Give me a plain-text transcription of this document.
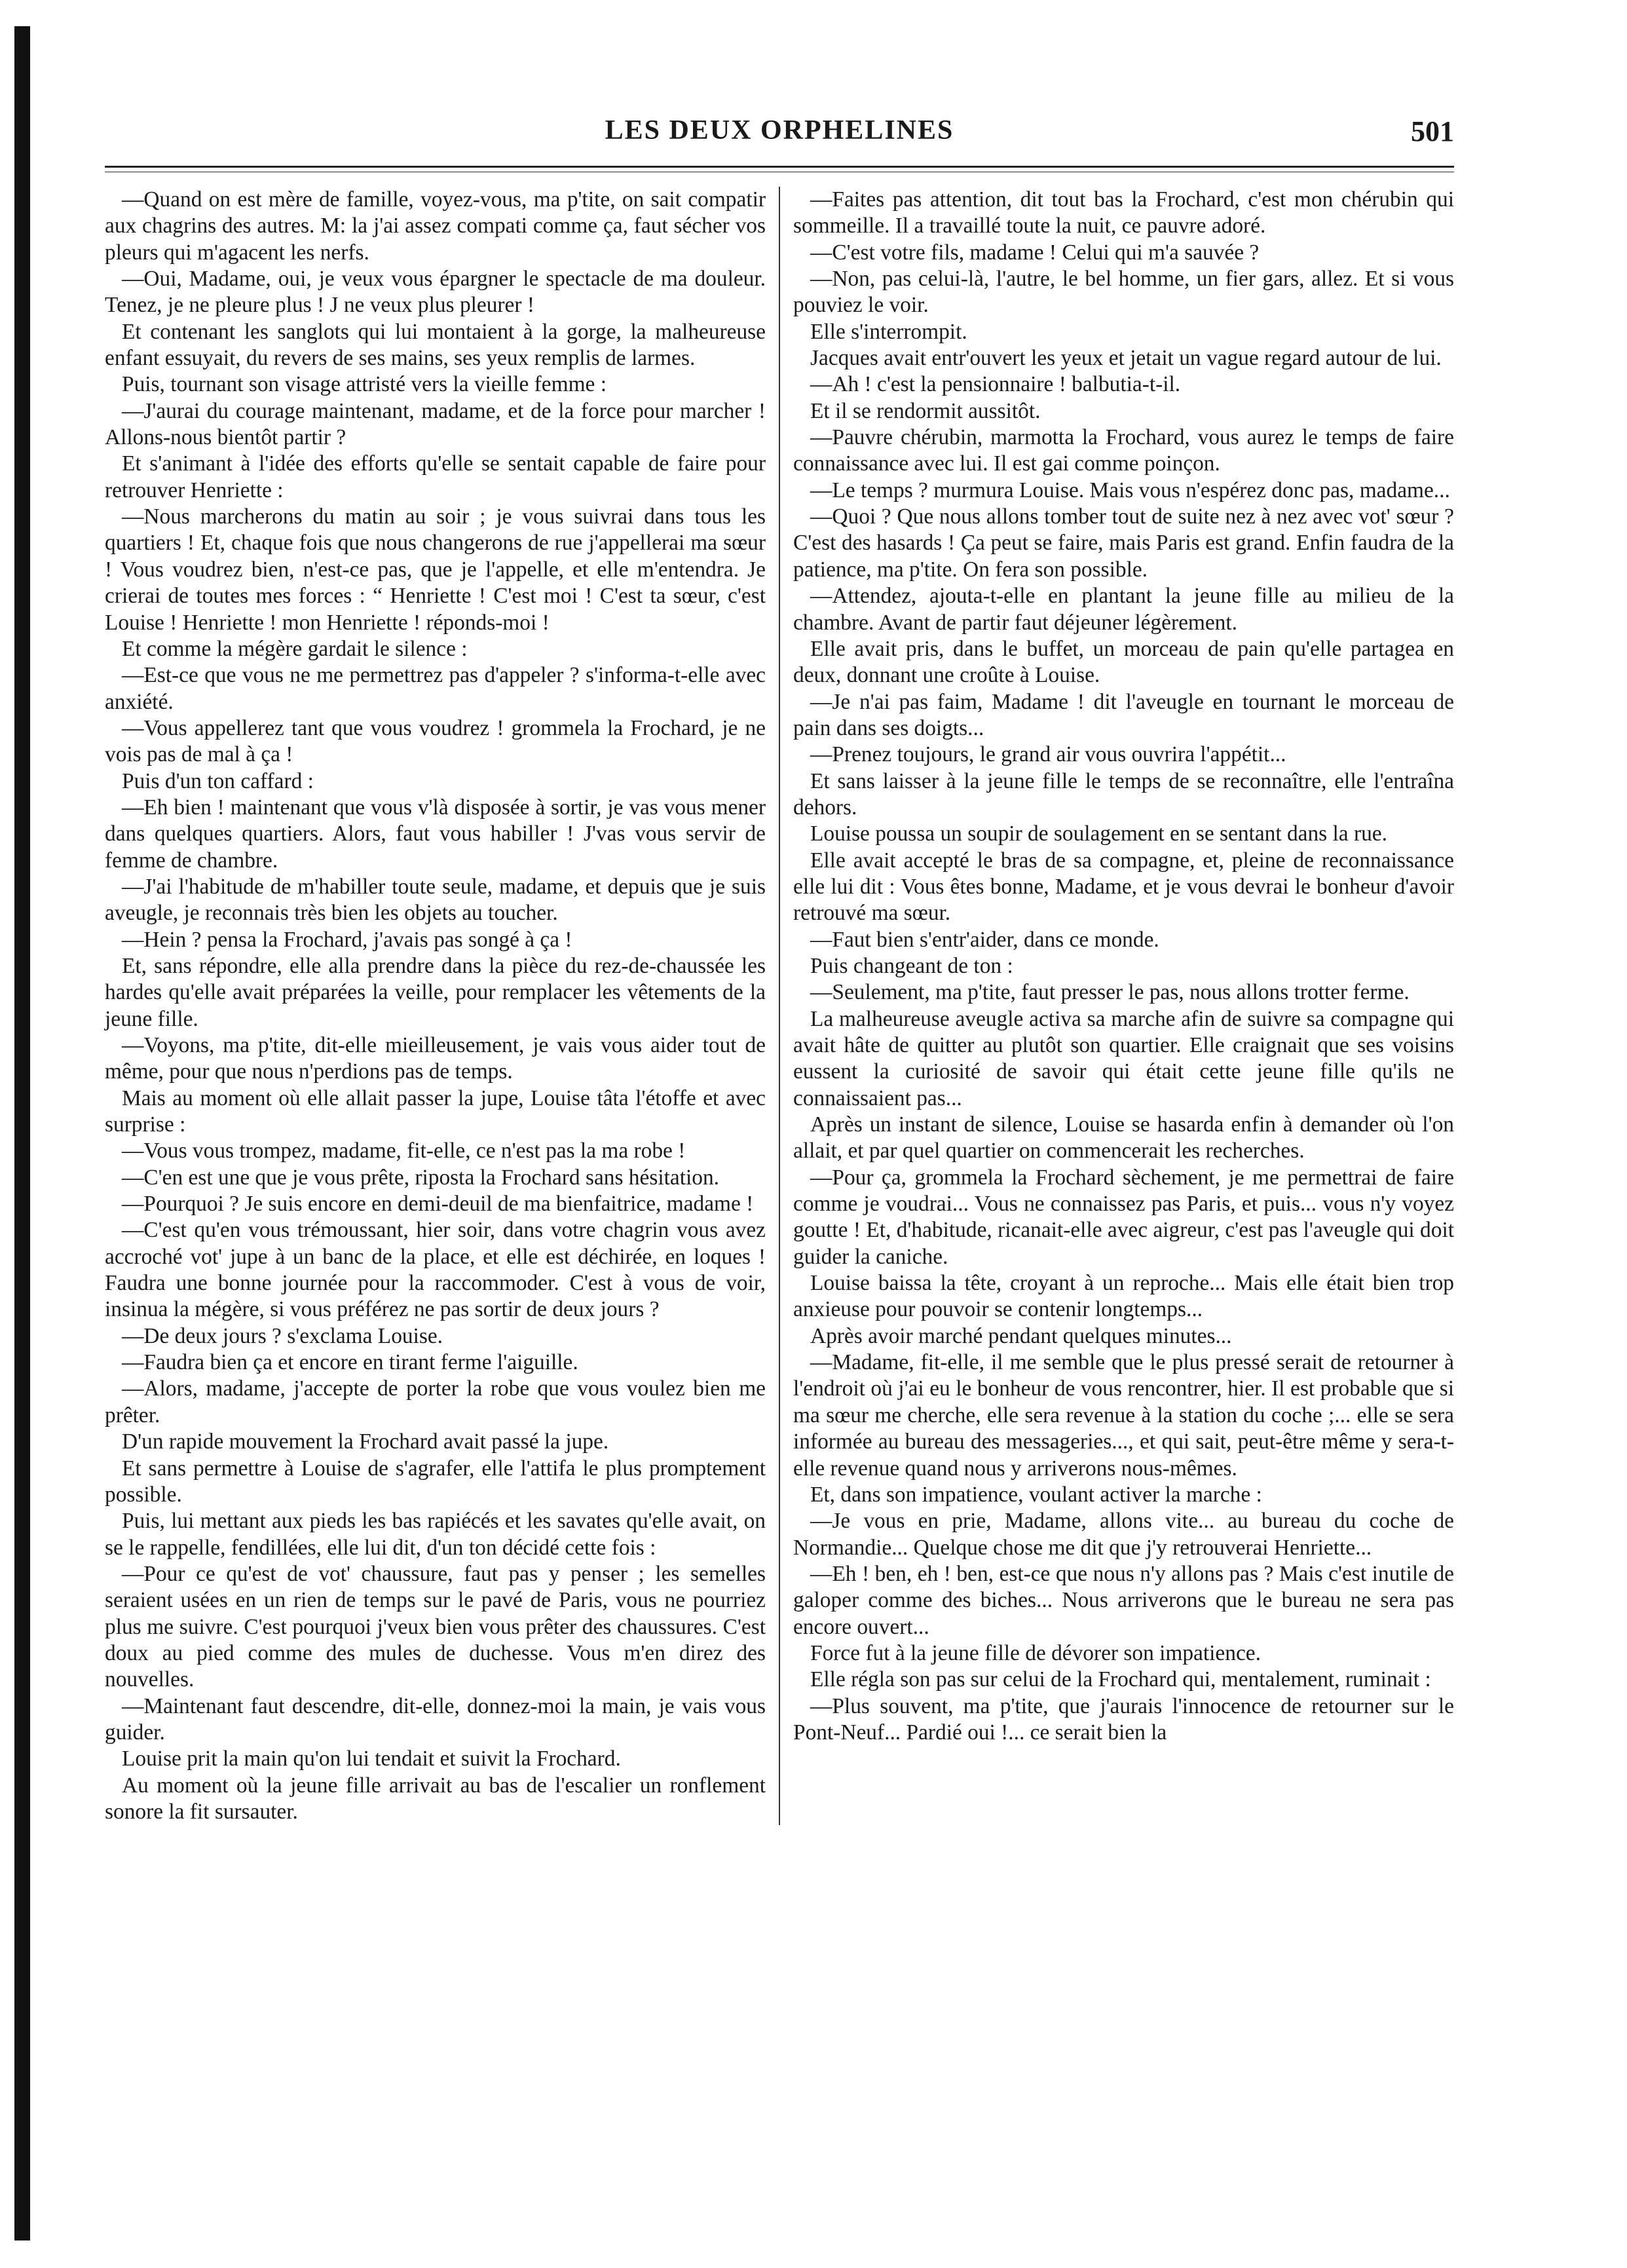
LES DEUX ORPHELINES	501

—Quand on est mère de famille, voyez-vous, ma p'tite, on sait compatir aux chagrins des autres. M: la j'ai assez compati comme ça, faut sécher vos pleurs qui m'agacent les nerfs.

—Oui, Madame, oui, je veux vous épargner le spectacle de ma douleur. Tenez, je ne pleure plus ! J ne veux plus pleurer !

Et contenant les sanglots qui lui montaient à la gorge, la malheureuse enfant essuyait, du revers de ses mains, ses yeux remplis de larmes.

Puis, tournant son visage attristé vers la vieille femme :

—J'aurai du courage maintenant, madame, et de la force pour marcher ! Allons-nous bientôt partir ?

Et s'animant à l'idée des efforts qu'elle se sentait capable de faire pour retrouver Henriette :

—Nous marcherons du matin au soir ; je vous suivrai dans tous les quartiers ! Et, chaque fois que nous changerons de rue j'appellerai ma sœur ! Vous voudrez bien, n'est-ce pas, que je l'appelle, et elle m'entendra. Je crierai de toutes mes forces : “ Henriette ! C'est moi ! C'est ta sœur, c'est Louise ! Henriette ! mon Henriette ! réponds-moi !

Et comme la mégère gardait le silence :

—Est-ce que vous ne me permettrez pas d'appeler ? s'informa-t-elle avec anxiété.

—Vous appellerez tant que vous voudrez ! grommela la Frochard, je ne vois pas de mal à ça !

Puis d'un ton caffard :

—Eh bien ! maintenant que vous v'là disposée à sortir, je vas vous mener dans quelques quartiers. Alors, faut vous habiller ! J'vas vous servir de femme de chambre.

—J'ai l'habitude de m'habiller toute seule, madame, et depuis que je suis aveugle, je reconnais très bien les objets au toucher.

—Hein ? pensa la Frochard, j'avais pas songé à ça !

Et, sans répondre, elle alla prendre dans la pièce du rez-de-chaussée les hardes qu'elle avait préparées la veille, pour remplacer les vêtements de la jeune fille.

—Voyons, ma p'tite, dit-elle mieilleusement, je vais vous aider tout de même, pour que nous n'perdions pas de temps.

Mais au moment où elle allait passer la jupe, Louise tâta l'étoffe et avec surprise :

—Vous vous trompez, madame, fit-elle, ce n'est pas la ma robe !

—C'en est une que je vous prête, riposta la Frochard sans hésitation.

—Pourquoi ? Je suis encore en demi-deuil de ma bienfaitrice, madame !

—C'est qu'en vous trémoussant, hier soir, dans votre chagrin vous avez accroché vot' jupe à un banc de la place, et elle est déchirée, en loques ! Faudra une bonne journée pour la raccommoder. C'est à vous de voir, insinua la mégère, si vous préférez ne pas sortir de deux jours ?

—De deux jours ? s'exclama Louise.

—Faudra bien ça et encore en tirant ferme l'aiguille.

—Alors, madame, j'accepte de porter la robe que vous voulez bien me prêter.

D'un rapide mouvement la Frochard avait passé la jupe.

Et sans permettre à Louise de s'agrafer, elle l'attifa le plus promptement possible.

Puis, lui mettant aux pieds les bas rapiécés et les savates qu'elle avait, on se le rappelle, fendillées, elle lui dit, d'un ton décidé cette fois :

—Pour ce qu'est de vot' chaussure, faut pas y penser ; les semelles seraient usées en un rien de temps sur le pavé de Paris, vous ne pourriez plus me suivre. C'est pourquoi j'veux bien vous prêter des chaussures. C'est doux au pied comme des mules de duchesse. Vous m'en direz des nouvelles.

—Maintenant faut descendre, dit-elle, donnez-moi la main, je vais vous guider.

Louise prit la main qu'on lui tendait et suivit la Frochard.

Au moment où la jeune fille arrivait au bas de l'escalier un ronflement sonore la fit sursauter.

—Faites pas attention, dit tout bas la Frochard, c'est mon chérubin qui sommeille. Il a travaillé toute la nuit, ce pauvre adoré.

—C'est votre fils, madame ! Celui qui m'a sauvée ?

—Non, pas celui-là, l'autre, le bel homme, un fier gars, allez. Et si vous pouviez le voir.

Elle s'interrompit.

Jacques avait entr'ouvert les yeux et jetait un vague regard autour de lui.

—Ah ! c'est la pensionnaire ! balbutia-t-il.

Et il se rendormit aussitôt.

—Pauvre chérubin, marmotta la Frochard, vous aurez le temps de faire connaissance avec lui. Il est gai comme poinçon.

—Le temps ? murmura Louise. Mais vous n'espérez donc pas, madame...

—Quoi ? Que nous allons tomber tout de suite nez à nez avec vot' sœur ? C'est des hasards ! Ça peut se faire, mais Paris est grand. Enfin faudra de la patience, ma p'tite. On fera son possible.

—Attendez, ajouta-t-elle en plantant la jeune fille au milieu de la chambre. Avant de partir faut déjeuner légèrement.

Elle avait pris, dans le buffet, un morceau de pain qu'elle partagea en deux, donnant une croûte à Louise.

—Je n'ai pas faim, Madame ! dit l'aveugle en tournant le morceau de pain dans ses doigts...

—Prenez toujours, le grand air vous ouvrira l'appétit...

Et sans laisser à la jeune fille le temps de se reconnaître, elle l'entraîna dehors.

Louise poussa un soupir de soulagement en se sentant dans la rue.

Elle avait accepté le bras de sa compagne, et, pleine de reconnaissance elle lui dit : Vous êtes bonne, Madame, et je vous devrai le bonheur d'avoir retrouvé ma sœur.

—Faut bien s'entr'aider, dans ce monde.

Puis changeant de ton :

—Seulement, ma p'tite, faut presser le pas, nous allons trotter ferme.

La malheureuse aveugle activa sa marche afin de suivre sa compagne qui avait hâte de quitter au plutôt son quartier. Elle craignait que ses voisins eussent la curiosité de savoir qui était cette jeune fille qu'ils ne connaissaient pas...

Après un instant de silence, Louise se hasarda enfin à demander où l'on allait, et par quel quartier on commencerait les recherches.

—Pour ça, grommela la Frochard sèchement, je me permettrai de faire comme je voudrai... Vous ne connaissez pas Paris, et puis... vous n'y voyez goutte ! Et, d'habitude, ricanait-elle avec aigreur, c'est pas l'aveugle qui doit guider la caniche.

Louise baissa la tête, croyant à un reproche... Mais elle était bien trop anxieuse pour pouvoir se contenir longtemps...

Après avoir marché pendant quelques minutes...

—Madame, fit-elle, il me semble que le plus pressé serait de retourner à l'endroit où j'ai eu le bonheur de vous rencontrer, hier. Il est probable que si ma sœur me cherche, elle sera revenue à la station du coche ;... elle se sera informée au bureau des messageries..., et qui sait, peut-être même y sera-t-elle revenue quand nous y arriverons nous-mêmes.

Et, dans son impatience, voulant activer la marche :

—Je vous en prie, Madame, allons vite... au bureau du coche de Normandie... Quelque chose me dit que j'y retrouverai Henriette...

—Eh ! ben, eh ! ben, est-ce que nous n'y allons pas ? Mais c'est inutile de galoper comme des biches... Nous arriverons que le bureau ne sera pas encore ouvert...

Force fut à la jeune fille de dévorer son impatience.

Elle régla son pas sur celui de la Frochard qui, mentalement, ruminait :

—Plus souvent, ma p'tite, que j'aurais l'innocence de retourner sur le Pont-Neuf... Pardié oui !... ce serait bien la
